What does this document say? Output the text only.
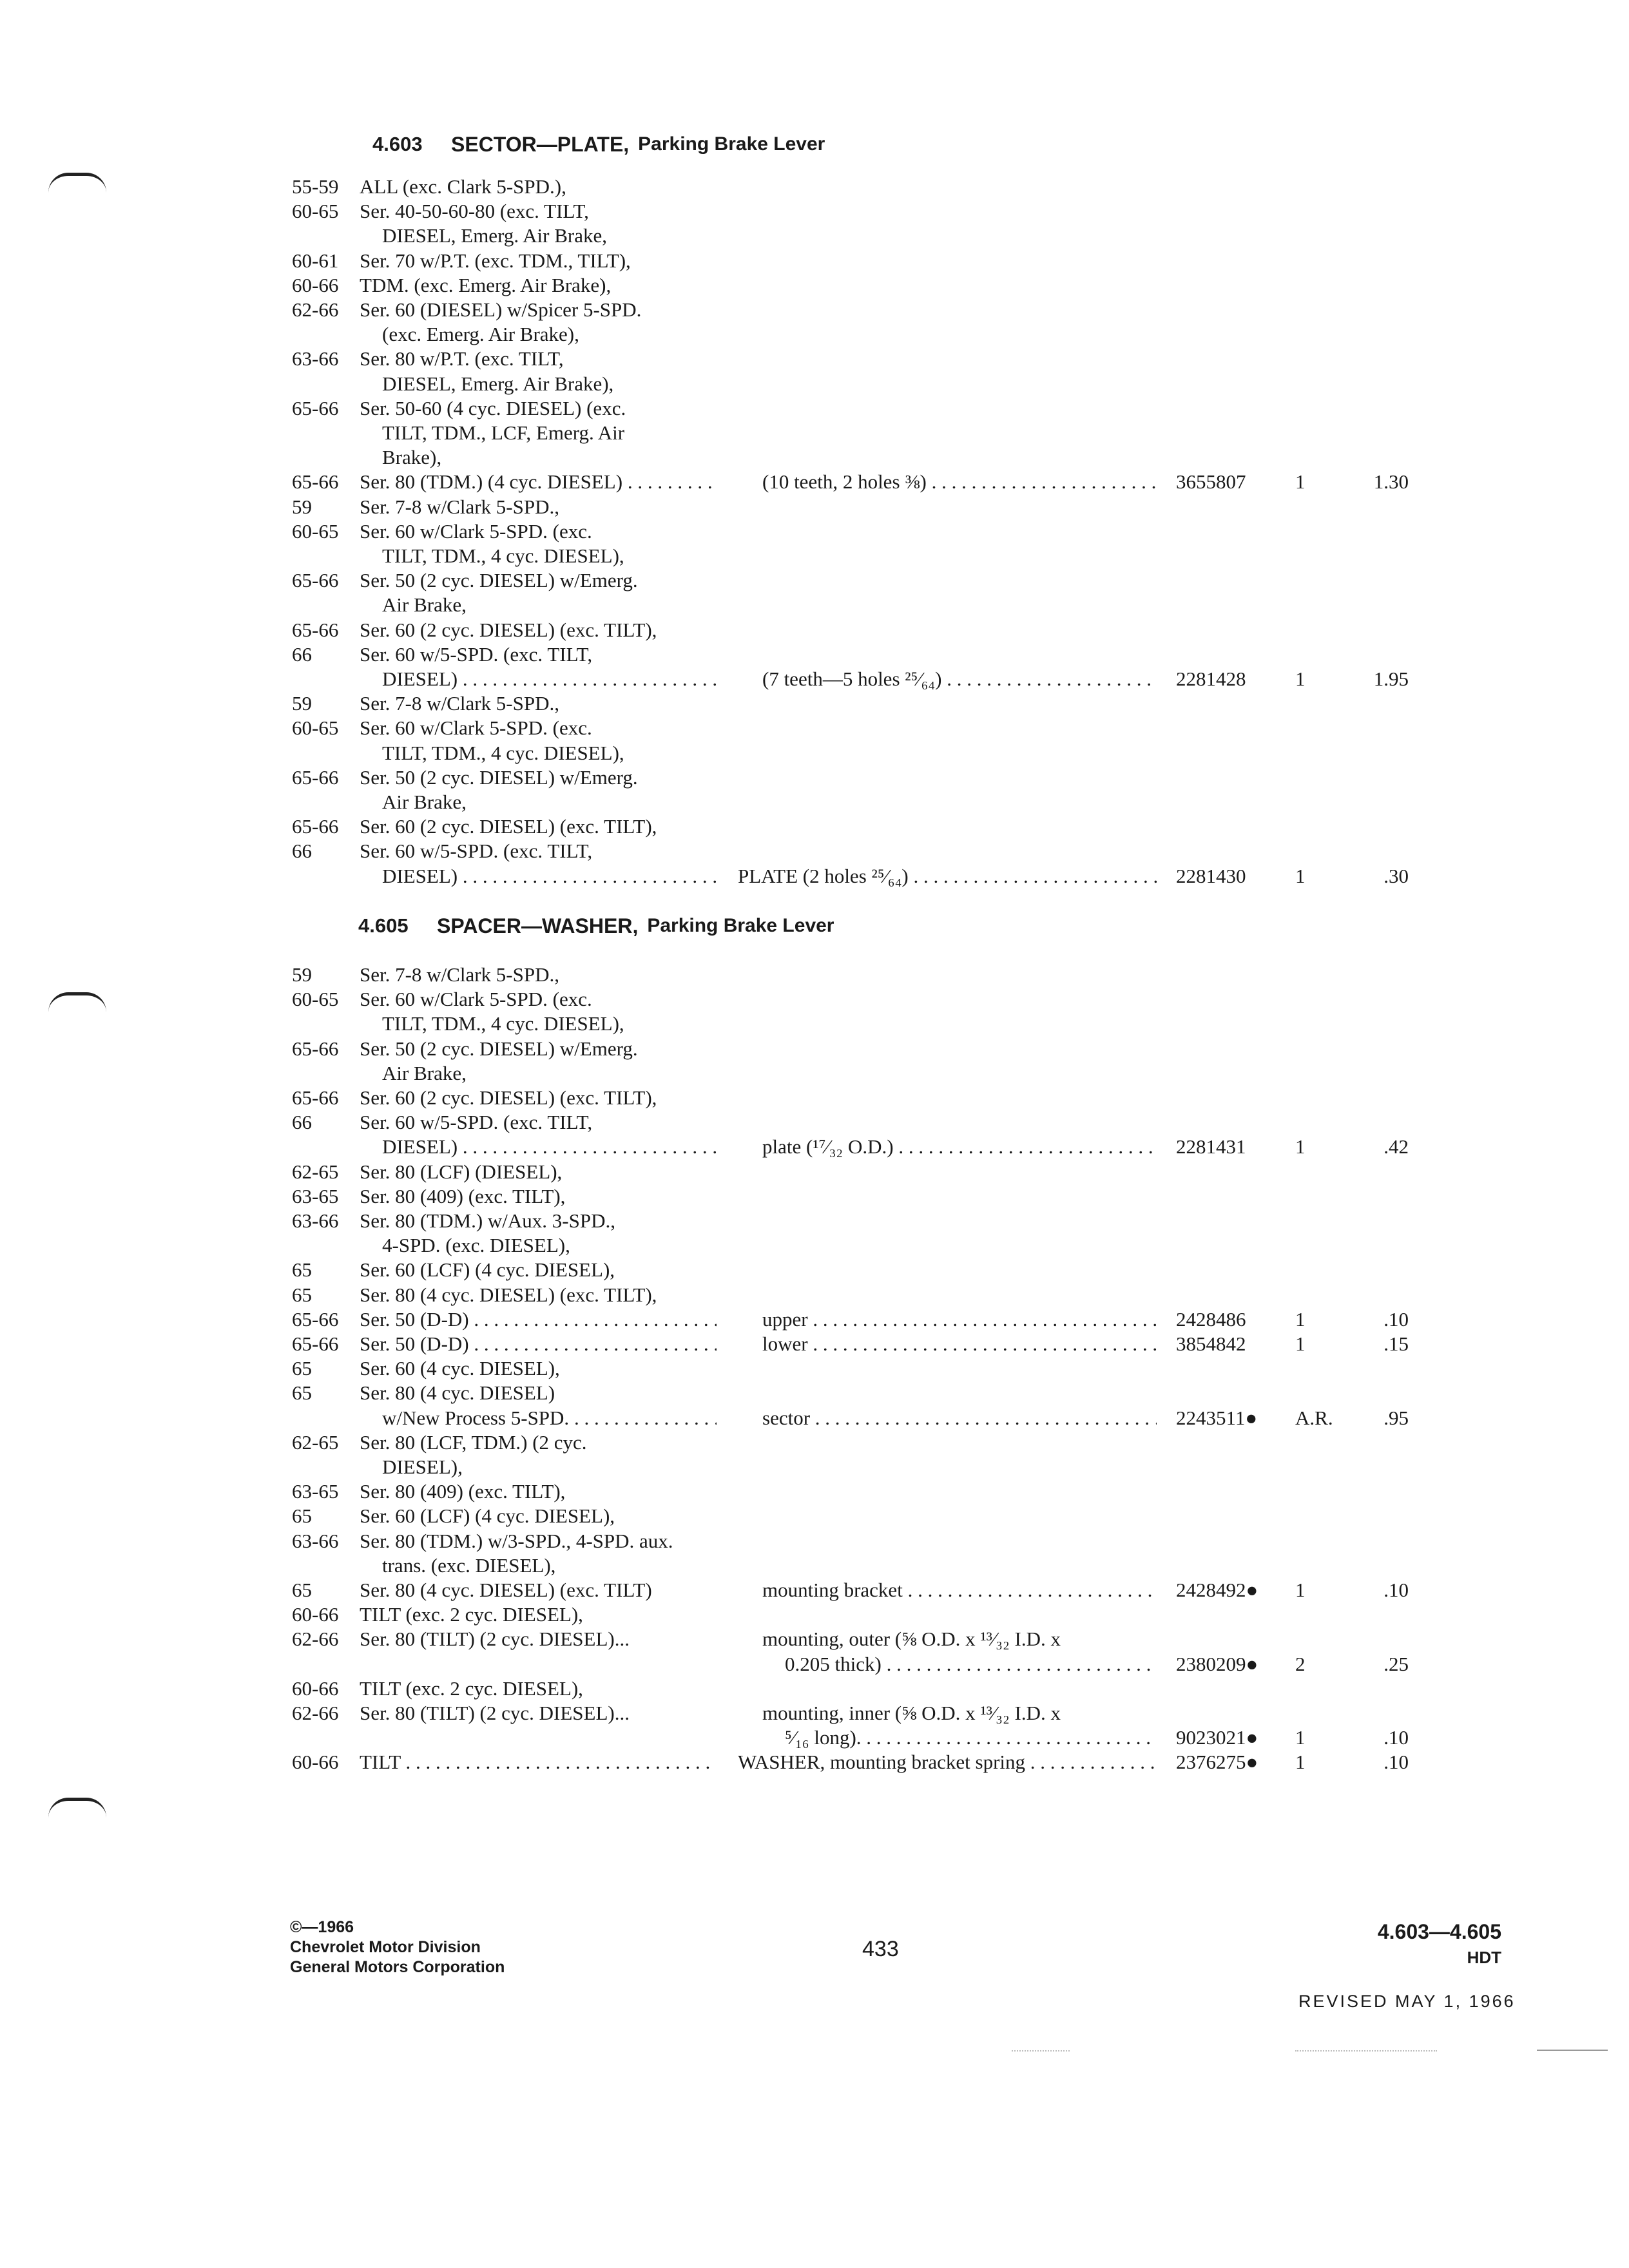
4.603 SECTOR—PLATE, Parking Brake Lever
55-59 ALL (exc. Clark 5-SPD.),
60-65 Ser. 40-50-60-80 (exc. TILT,
DIESEL, Emerg. Air Brake,
60-61 Ser. 70 w/P.T. (exc. TDM., TILT),
60-66 TDM. (exc. Emerg. Air Brake),
62-66 Ser. 60 (DIESEL) w/Spicer 5-SPD.
(exc. Emerg. Air Brake),
63-66 Ser. 80 w/P.T. (exc. TILT,
DIESEL, Emerg. Air Brake),
65-66 Ser. 50-60 (4 cyc. DIESEL) (exc.
TILT, TDM., LCF, Emerg. Air
Brake),
65-66 Ser. 80 (TDM.) (4 cyc. DIESEL) . . .	(10 teeth, 2 holes ⅜) . . .	3655807 1	1.30
59 Ser. 7-8 w/Clark 5-SPD.,
60-65 Ser. 60 w/Clark 5-SPD. (exc.
TILT, TDM., 4 cyc. DIESEL),
65-66 Ser. 50 (2 cyc. DIESEL) w/Emerg.
Air Brake,
65-66 Ser. 60 (2 cyc. DIESEL) (exc. TILT),
66 Ser. 60 w/5-SPD. (exc. TILT,
DIESEL) . . .	(7 teeth—5 holes ²⁵⁄₆₄) . . .	2281428 1	1.95
59 Ser. 7-8 w/Clark 5-SPD.,
60-65 Ser. 60 w/Clark 5-SPD. (exc.
TILT, TDM., 4 cyc. DIESEL),
65-66 Ser. 50 (2 cyc. DIESEL) w/Emerg.
Air Brake,
65-66 Ser. 60 (2 cyc. DIESEL) (exc. TILT),
66 Ser. 60 w/5-SPD. (exc. TILT,
DIESEL) . . .	PLATE (2 holes ²⁵⁄₆₄) . . .	2281430 1	.30
4.605 SPACER—WASHER, Parking Brake Lever
59 Ser. 7-8 w/Clark 5-SPD.,
60-65 Ser. 60 w/Clark 5-SPD. (exc.
TILT, TDM., 4 cyc. DIESEL),
65-66 Ser. 50 (2 cyc. DIESEL) w/Emerg.
Air Brake,
65-66 Ser. 60 (2 cyc. DIESEL) (exc. TILT),
66 Ser. 60 w/5-SPD. (exc. TILT,
DIESEL) . . .	plate (¹⁷⁄₃₂ O.D.) . . .	2281431 1	.42
62-65 Ser. 80 (LCF) (DIESEL),
63-65 Ser. 80 (409) (exc. TILT),
63-66 Ser. 80 (TDM.) w/Aux. 3-SPD.,
4-SPD. (exc. DIESEL),
65 Ser. 60 (LCF) (4 cyc. DIESEL),
65 Ser. 80 (4 cyc. DIESEL) (exc. TILT),
65-66 Ser. 50 (D-D) . . .	upper . . .	2428486 1	.10
65-66 Ser. 50 (D-D) . . .	lower . . .	3854842 1	.15
65 Ser. 60 (4 cyc. DIESEL),
65 Ser. 80 (4 cyc. DIESEL)
w/New Process 5-SPD. . . .	sector . . .	2243511● A.R.	.95
62-65 Ser. 80 (LCF, TDM.) (2 cyc.
DIESEL),
63-65 Ser. 80 (409) (exc. TILT),
65 Ser. 60 (LCF) (4 cyc. DIESEL),
63-66 Ser. 80 (TDM.) w/3-SPD., 4-SPD. aux.
trans. (exc. DIESEL),
65 Ser. 80 (4 cyc. DIESEL) (exc. TILT)	mounting bracket . . .	2428492● 1	.10
60-66 TILT (exc. 2 cyc. DIESEL),
62-66 Ser. 80 (TILT) (2 cyc. DIESEL)...	mounting, outer (⅝ O.D. x ¹³⁄₃₂ I.D. x
0.205 thick) . . .	2380209● 2	.25
60-66 TILT (exc. 2 cyc. DIESEL),
62-66 Ser. 80 (TILT) (2 cyc. DIESEL)...	mounting, inner (⅝ O.D. x ¹³⁄₃₂ I.D. x
⁵⁄₁₆ long). . . .	9023021● 1	.10
60-66 TILT . . .	WASHER, mounting bracket spring . . .	2376275● 1	.10
©—1966
Chevrolet Motor Division
General Motors Corporation
433
4.603—4.605
HDT
REVISED MAY 1, 1966
